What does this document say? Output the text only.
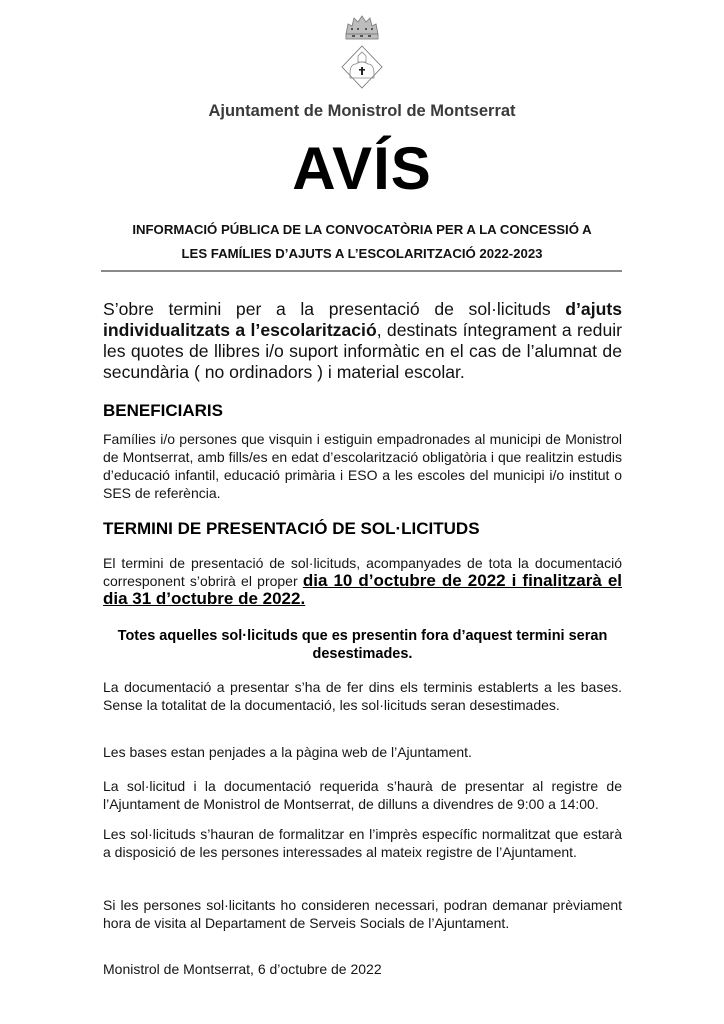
Ajuntament de Monistrol de Montserrat
AVÍS
INFORMACIÓ PÚBLICA DE LA CONVOCATÒRIA PER A LA CONCESSIÓ A
LES FAMÍLIES D’AJUTS A L’ESCOLARITZACIÓ 2022-2023
S’obre termini per a la presentació de sol·licituds d’ajuts individualitzats a l’escolarització, destinats íntegrament a reduir les quotes de llibres i/o suport informàtic en el cas de l’alumnat de secundària ( no ordinadors ) i material escolar.
BENEFICIARIS
Famílies i/o persones que visquin i estiguin empadronades al municipi de Monistrol de Montserrat, amb fills/es en edat d’escolarització obligatòria i que realitzin estudis d’educació infantil, educació primària i ESO a les escoles del municipi i/o institut o SES de referència.
TERMINI DE PRESENTACIÓ DE SOL·LICITUDS
El termini de presentació de sol·licituds, acompanyades de tota la documentació corresponent s’obrirà el proper dia 10 d’octubre de 2022 i finalitzarà el dia 31 d’octubre de 2022.
Totes aquelles sol·licituds que es presentin fora d’aquest termini seran desestimades.
La documentació a presentar s’ha de fer dins els terminis establerts a les bases. Sense la totalitat de la documentació, les sol·licituds seran desestimades.
Les bases estan penjades a la pàgina web de l’Ajuntament.
La sol·licitud i la documentació requerida s’haurà de presentar al registre de l’Ajuntament de Monistrol de Montserrat, de dilluns a divendres de 9:00 a 14:00.
Les sol·licituds s’hauran de formalitzar en l’imprès específic normalitzat que estarà a disposició de les persones interessades al mateix registre de l’Ajuntament.
Si les persones sol·licitants ho consideren necessari, podran demanar prèviament hora de visita al Departament de Serveis Socials de l’Ajuntament.
Monistrol de Montserrat, 6 d’octubre de 2022
